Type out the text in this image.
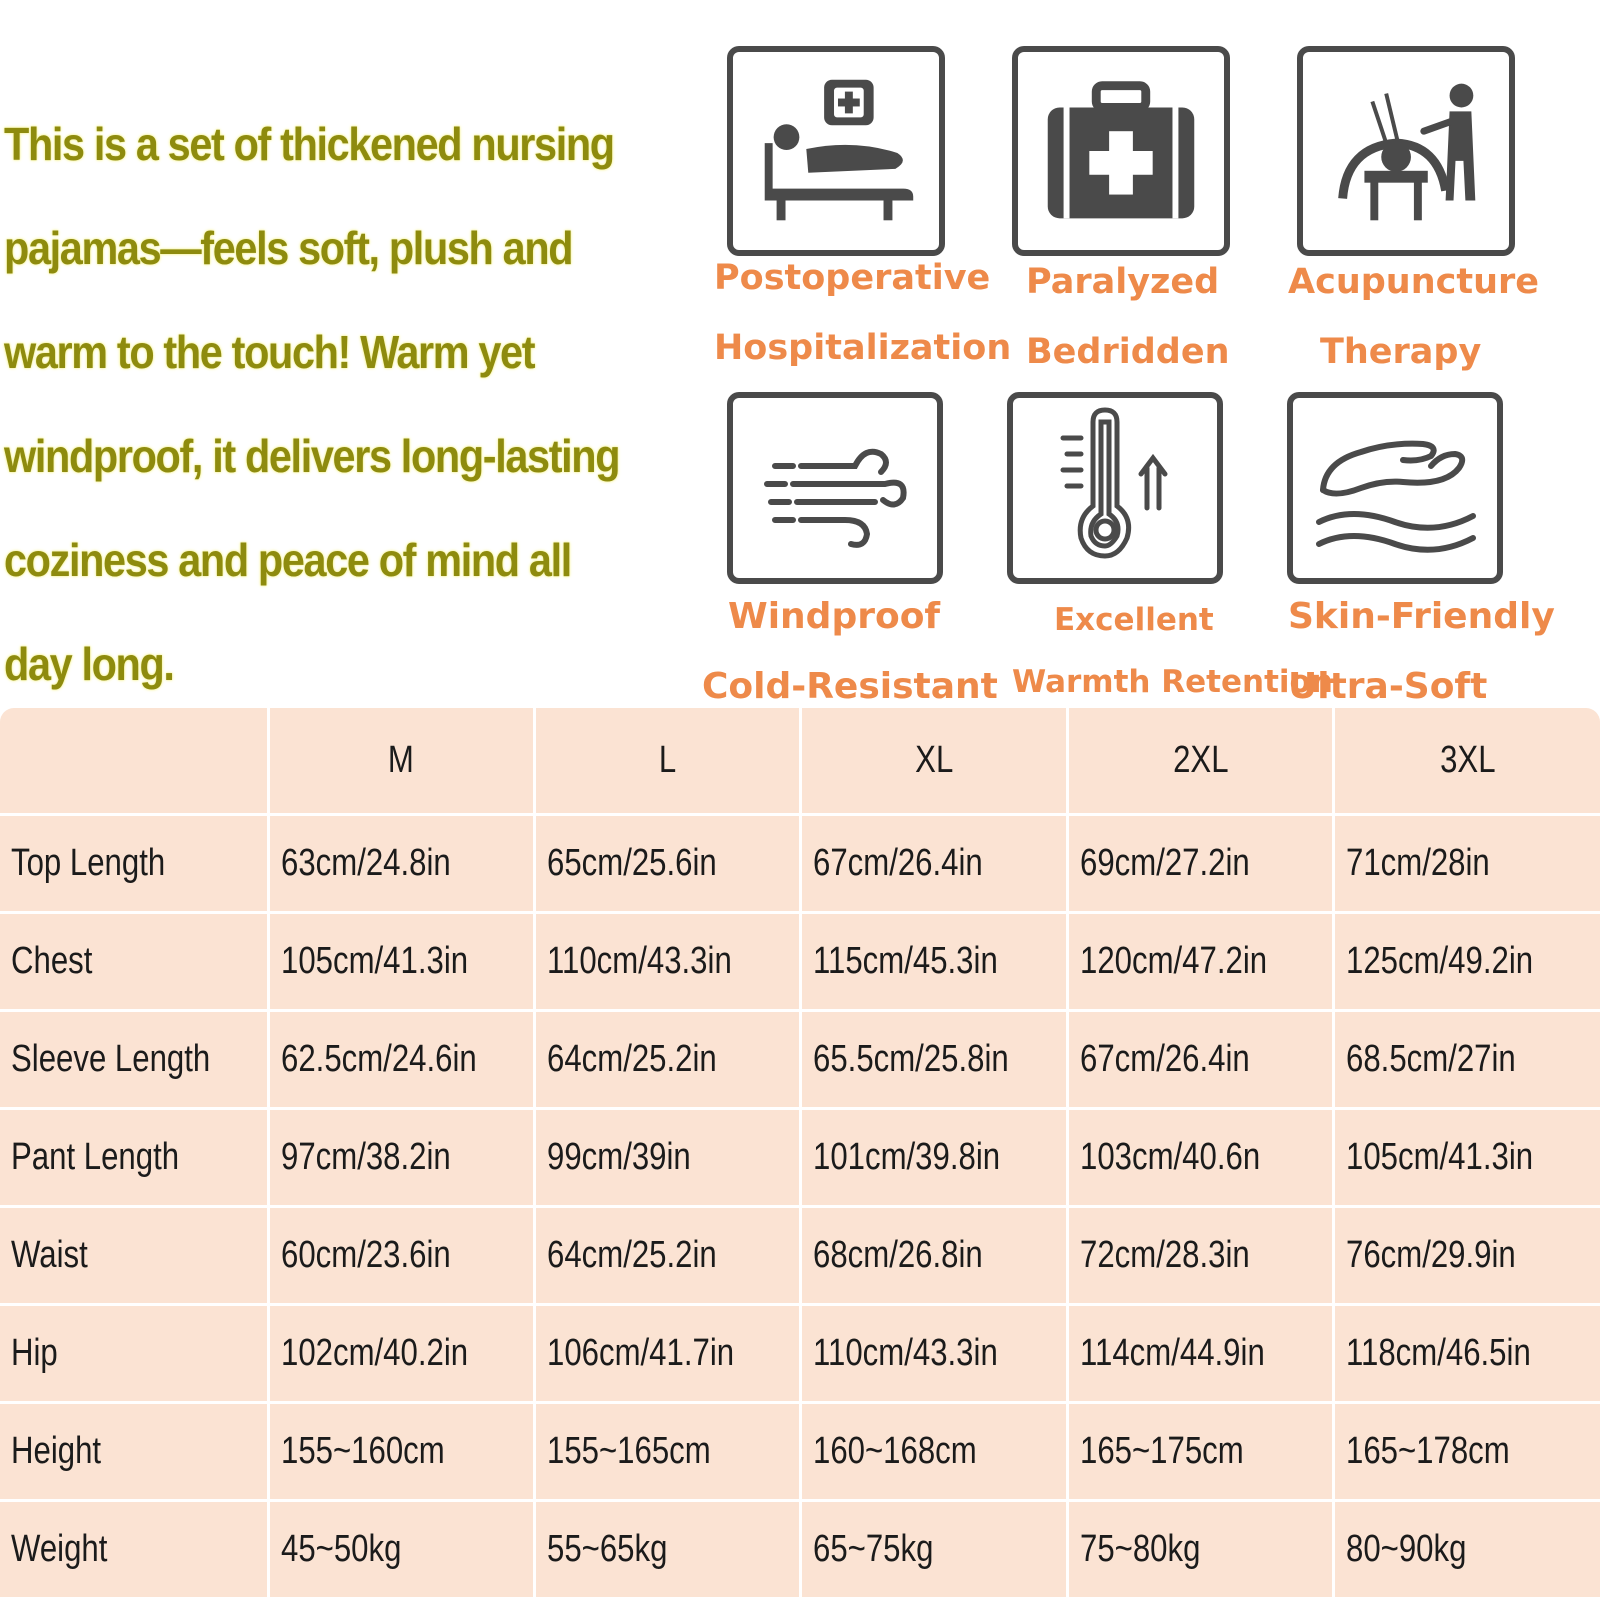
This is a set of thickened nursing
pajamas—feels soft, plush and
warm to the touch! Warm yet
windproof, it delivers long-lasting
coziness and peace of mind all
day long.
Postoperative
Hospitalization
Paralyzed
Bedridden
Acupuncture
Therapy
Windproof
Cold-Resistant
Excellent
Warmth Retention
Skin-Friendly
Ultra-Soft
	M	L	XL	2XL	3XL
Top Length	63cm/24.8in	65cm/25.6in	67cm/26.4in	69cm/27.2in	71cm/28in
Chest	105cm/41.3in	110cm/43.3in	115cm/45.3in	120cm/47.2in	125cm/49.2in
Sleeve Length	62.5cm/24.6in	64cm/25.2in	65.5cm/25.8in	67cm/26.4in	68.5cm/27in
Pant Length	97cm/38.2in	99cm/39in	101cm/39.8in	103cm/40.6n	105cm/41.3in
Waist	60cm/23.6in	64cm/25.2in	68cm/26.8in	72cm/28.3in	76cm/29.9in
Hip	102cm/40.2in	106cm/41.7in	110cm/43.3in	114cm/44.9in	118cm/46.5in
Height	155~160cm	155~165cm	160~168cm	165~175cm	165~178cm
Weight	45~50kg	55~65kg	65~75kg	75~80kg	80~90kg
